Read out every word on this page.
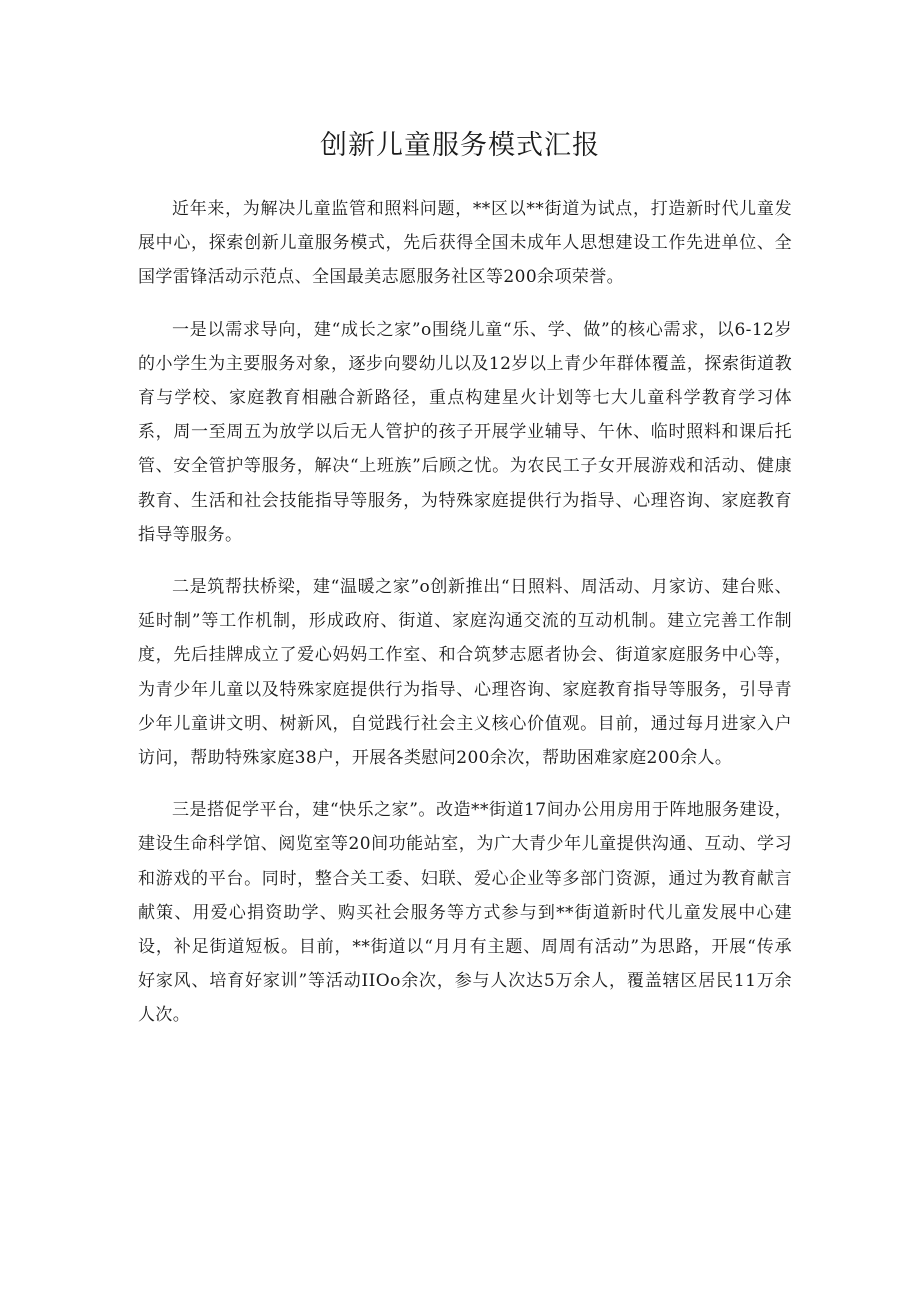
创新儿童服务模式汇报

近年来，为解决儿童监管和照料问题，**区以**街道为试点，打造新时代儿童发展中心，探索创新儿童服务模式，先后获得全国未成年人思想建设工作先进单位、全国学雷锋活动示范点、全国最美志愿服务社区等200余项荣誉。

一是以需求导向，建“成长之家”o围绕儿童“乐、学、做”的核心需求，以6-12岁的小学生为主要服务对象，逐步向婴幼儿以及12岁以上青少年群体覆盖，探索街道教育与学校、家庭教育相融合新路径，重点构建星火计划等七大儿童科学教育学习体系，周一至周五为放学以后无人管护的孩子开展学业辅导、午休、临时照料和课后托管、安全管护等服务，解决“上班族”后顾之忧。为农民工子女开展游戏和活动、健康教育、生活和社会技能指导等服务，为特殊家庭提供行为指导、心理咨询、家庭教育指导等服务。

二是筑帮扶桥梁，建“温暖之家”o创新推出“日照料、周活动、月家访、建台账、延时制”等工作机制，形成政府、街道、家庭沟通交流的互动机制。建立完善工作制度，先后挂牌成立了爱心妈妈工作室、和合筑梦志愿者协会、街道家庭服务中心等，为青少年儿童以及特殊家庭提供行为指导、心理咨询、家庭教育指导等服务，引导青少年儿童讲文明、树新风，自觉践行社会主义核心价值观。目前，通过每月进家入户访问，帮助特殊家庭38户，开展各类慰问200余次，帮助困难家庭200余人。

三是搭促学平台，建“快乐之家”。改造**街道17间办公用房用于阵地服务建设，建设生命科学馆、阅览室等20间功能站室，为广大青少年儿童提供沟通、互动、学习和游戏的平台。同时，整合关工委、妇联、爱心企业等多部门资源，通过为教育献言献策、用爱心捐资助学、购买社会服务等方式参与到**街道新时代儿童发展中心建设，补足街道短板。目前，**街道以“月月有主题、周周有活动”为思路，开展“传承好家风、培育好家训”等活动IIOo余次，参与人次达5万余人，覆盖辖区居民11万余人次。
